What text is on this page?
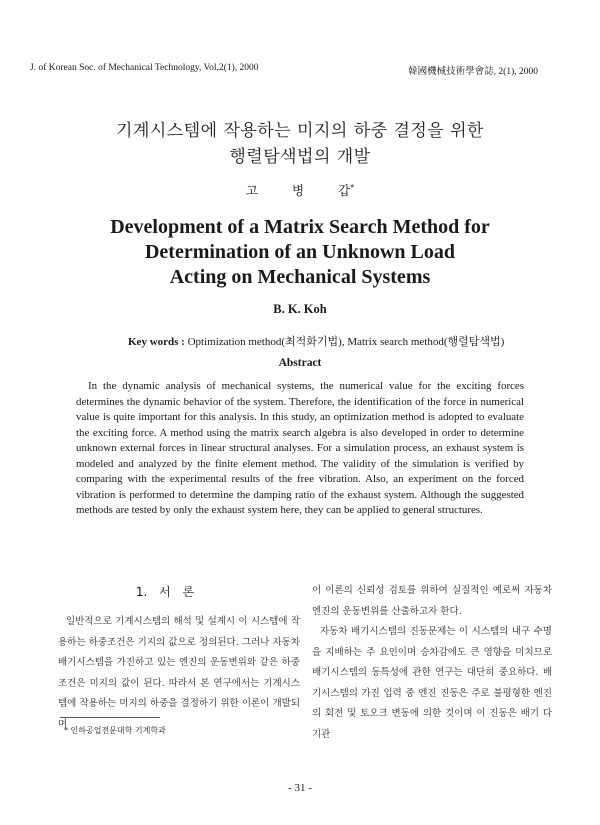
J. of Korean Soc. of Mechanical Technology, Vol.2(1), 2000	韓國機械技術學會誌, 2(1), 2000
기계시스템에 작용하는 미지의 하중 결정을 위한
행렬탐색법의 개발
고 병 갑*
Development of a Matrix Search Method for
Determination of an Unknown Load
Acting on Mechanical Systems
B. K. Koh
Key words : Optimization method(최적화기법), Matrix search method(행렬탐색법)
Abstract
In the dynamic analysis of mechanical systems, the numerical value for the exciting forces determines the dynamic behavior of the system. Therefore, the identification of the force in numerical value is quite important for this analysis. In this study, an optimization method is adopted to evaluate the exciting force. A method using the matrix search algebra is also developed in order to determine unknown external forces in linear structural analyses. For a simulation process, an exhaust system is modeled and analyzed by the finite element method. The validity of the simulation is verified by comparing with the experimental results of the free vibration. Also, an experiment on the forced vibration is performed to determine the damping ratio of the exhaust system. Although the suggested methods are tested by only the exhaust system here, they can be applied to general structures.
1. 서 론
일반적으로 기계시스템의 해석 및 설계시 이 시스템에 작용하는 하중조건은 기지의 값으로 정의된다. 그러나 자동차 배기시스템을 가진하고 있는 엔진의 운동변위와 같은 하중조건은 미지의 값이 된다. 따라서 본 연구에서는 기계시스템에 작용하는 미지의 하중을 결정하기 위한 이론이 개발되며

이 이론의 신뢰성 검토를 위하여 실질적인 예로써 자동차 엔진의 운동변위를 산출하고자 한다.

자동차 배기시스템의 진동문제는 이 시스템의 내구 수명을 지배하는 주 요인이며 승차감에도 큰 영향을 미치므로 배기시스템의 동특성에 관한 연구는 대단히 중요하다. 배기시스템의 가진 입력 중 엔진 진동은 주로 불평형한 엔진의 회전 및 토오크 변동에 의한 것이며 이 진동은 배기 다기관

* 인하공업전문대학 기계학과
- 31 -
